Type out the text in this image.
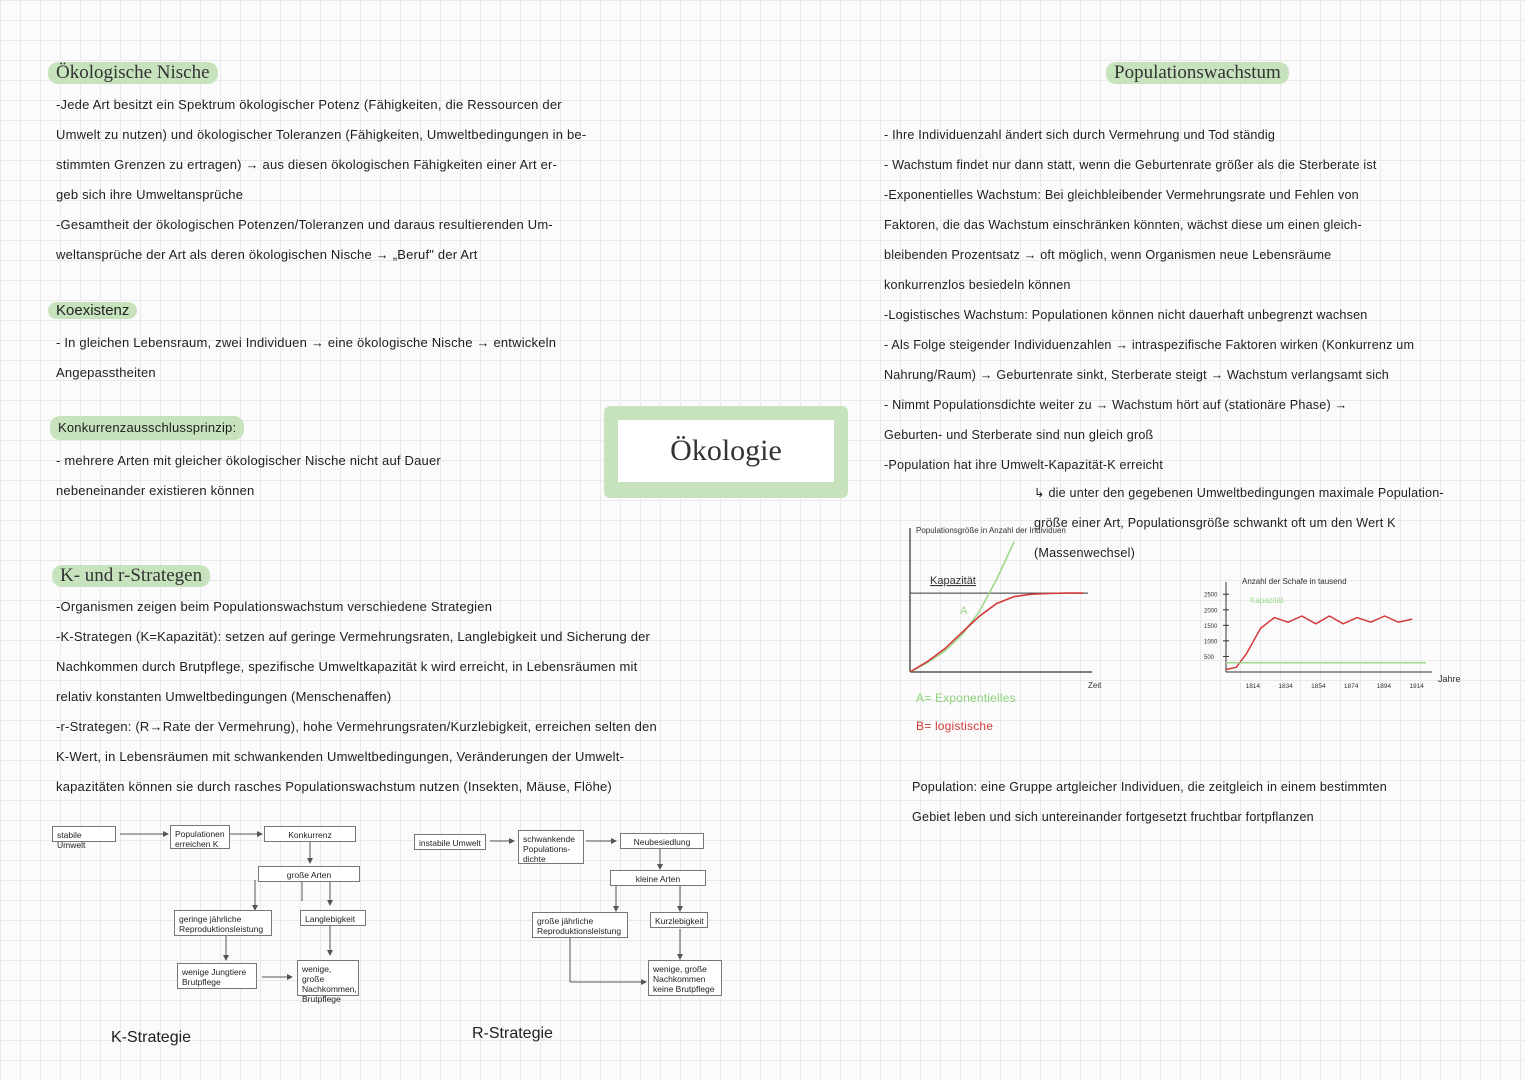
Ökologische Nische

-Jede Art besitzt ein Spektrum ökologischer Potenz (Fähigkeiten, die Ressourcen der

Umwelt zu nutzen) und ökologischer Toleranzen (Fähigkeiten, Umweltbedingungen in be-

stimmten Grenzen zu ertragen) → aus diesen ökologischen Fähigkeiten einer Art er-

geb sich ihre Umweltansprüche

-Gesamtheit der ökologischen Potenzen/Toleranzen und daraus resultierenden Um-

weltansprüche der Art als deren ökologischen Nische → „Beruf" der Art

Koexistenz

- In gleichen Lebensraum, zwei Individuen → eine ökologische Nische → entwickeln

Angepasstheiten

Konkurrenzausschlussprinzip:

- mehrere Arten mit gleicher ökologischer Nische nicht auf Dauer

nebeneinander existieren können

K- und r-Strategen

-Organismen zeigen beim Populationswachstum verschiedene Strategien

-K-Strategen (K=Kapazität): setzen auf geringe Vermehrungsraten, Langlebigkeit und Sicherung der

Nachkommen durch Brutpflege, spezifische Umweltkapazität k wird erreicht, in Lebensräumen mit

relativ konstanten Umweltbedingungen (Menschenaffen)

-r-Strategen: (R→Rate der Vermehrung), hohe Vermehrungsraten/Kurzlebigkeit, erreichen selten den

K-Wert, in Lebensräumen mit schwankenden Umweltbedingungen, Veränderungen der Umwelt-

kapazitäten können sie durch rasches Populationswachstum nutzen (Insekten, Mäuse, Flöhe)

Ökologie
stabile Umwelt
Populationen erreichen K
Konkurrenz
große Arten
geringe jährliche Reproduktionsleistung
Langlebigkeit
wenige Jungtiere Brutpflege
wenige, große Nachkommen, Brutpflege
K-Strategie
instabile Umwelt	schwankende Populations-dichte
Neubesiedlung
kleine Arten
große jährliche Reproduktionsleistung
Kurzlebigkeit
wenige, große Nachkommen keine Brutpflege
R-Strategie
Populationswachstum

- Ihre Individuenzahl ändert sich durch Vermehrung und Tod ständig

- Wachstum findet nur dann statt, wenn die Geburtenrate größer als die Sterberate ist

-Exponentielles Wachstum: Bei gleichbleibender Vermehrungsrate und Fehlen von

Faktoren, die das Wachstum einschränken könnten, wächst diese um einen gleich-

bleibenden Prozentsatz → oft möglich, wenn Organismen neue Lebensräume

konkurrenzlos besiedeln können

-Logistisches Wachstum: Populationen können nicht dauerhaft unbegrenzt wachsen

- Als Folge steigender Individuenzahlen → intraspezifische Faktoren wirken (Konkurrenz um

Nahrung/Raum) → Geburtenrate sinkt, Sterberate steigt → Wachstum verlangsamt sich

- Nimmt Populationsdichte weiter zu → Wachstum hört auf (stationäre Phase) →

Geburten- und Sterberate sind nun gleich groß

-Population hat ihre Umwelt-Kapazität-K erreicht

↳ die unter den gegebenen Umweltbedingungen maximale Population-

größe einer Art, Populationsgröße schwankt oft um den Wert K

(Massenwechsel)

Populationsgröße in Anzahl der Individuen
Zeit
Kapazität
A

A= Exponentielles

B= logistische

Anzahl der Schafe in tausend
Kapazität
Jahre
500
1000
1500
2000
2500
1814	1834	1854	1874	1894	1914

Population: eine Gruppe artgleicher Individuen, die zeitgleich in einem bestimmten

Gebiet leben und sich untereinander fortgesetzt fruchtbar fortpflanzen
